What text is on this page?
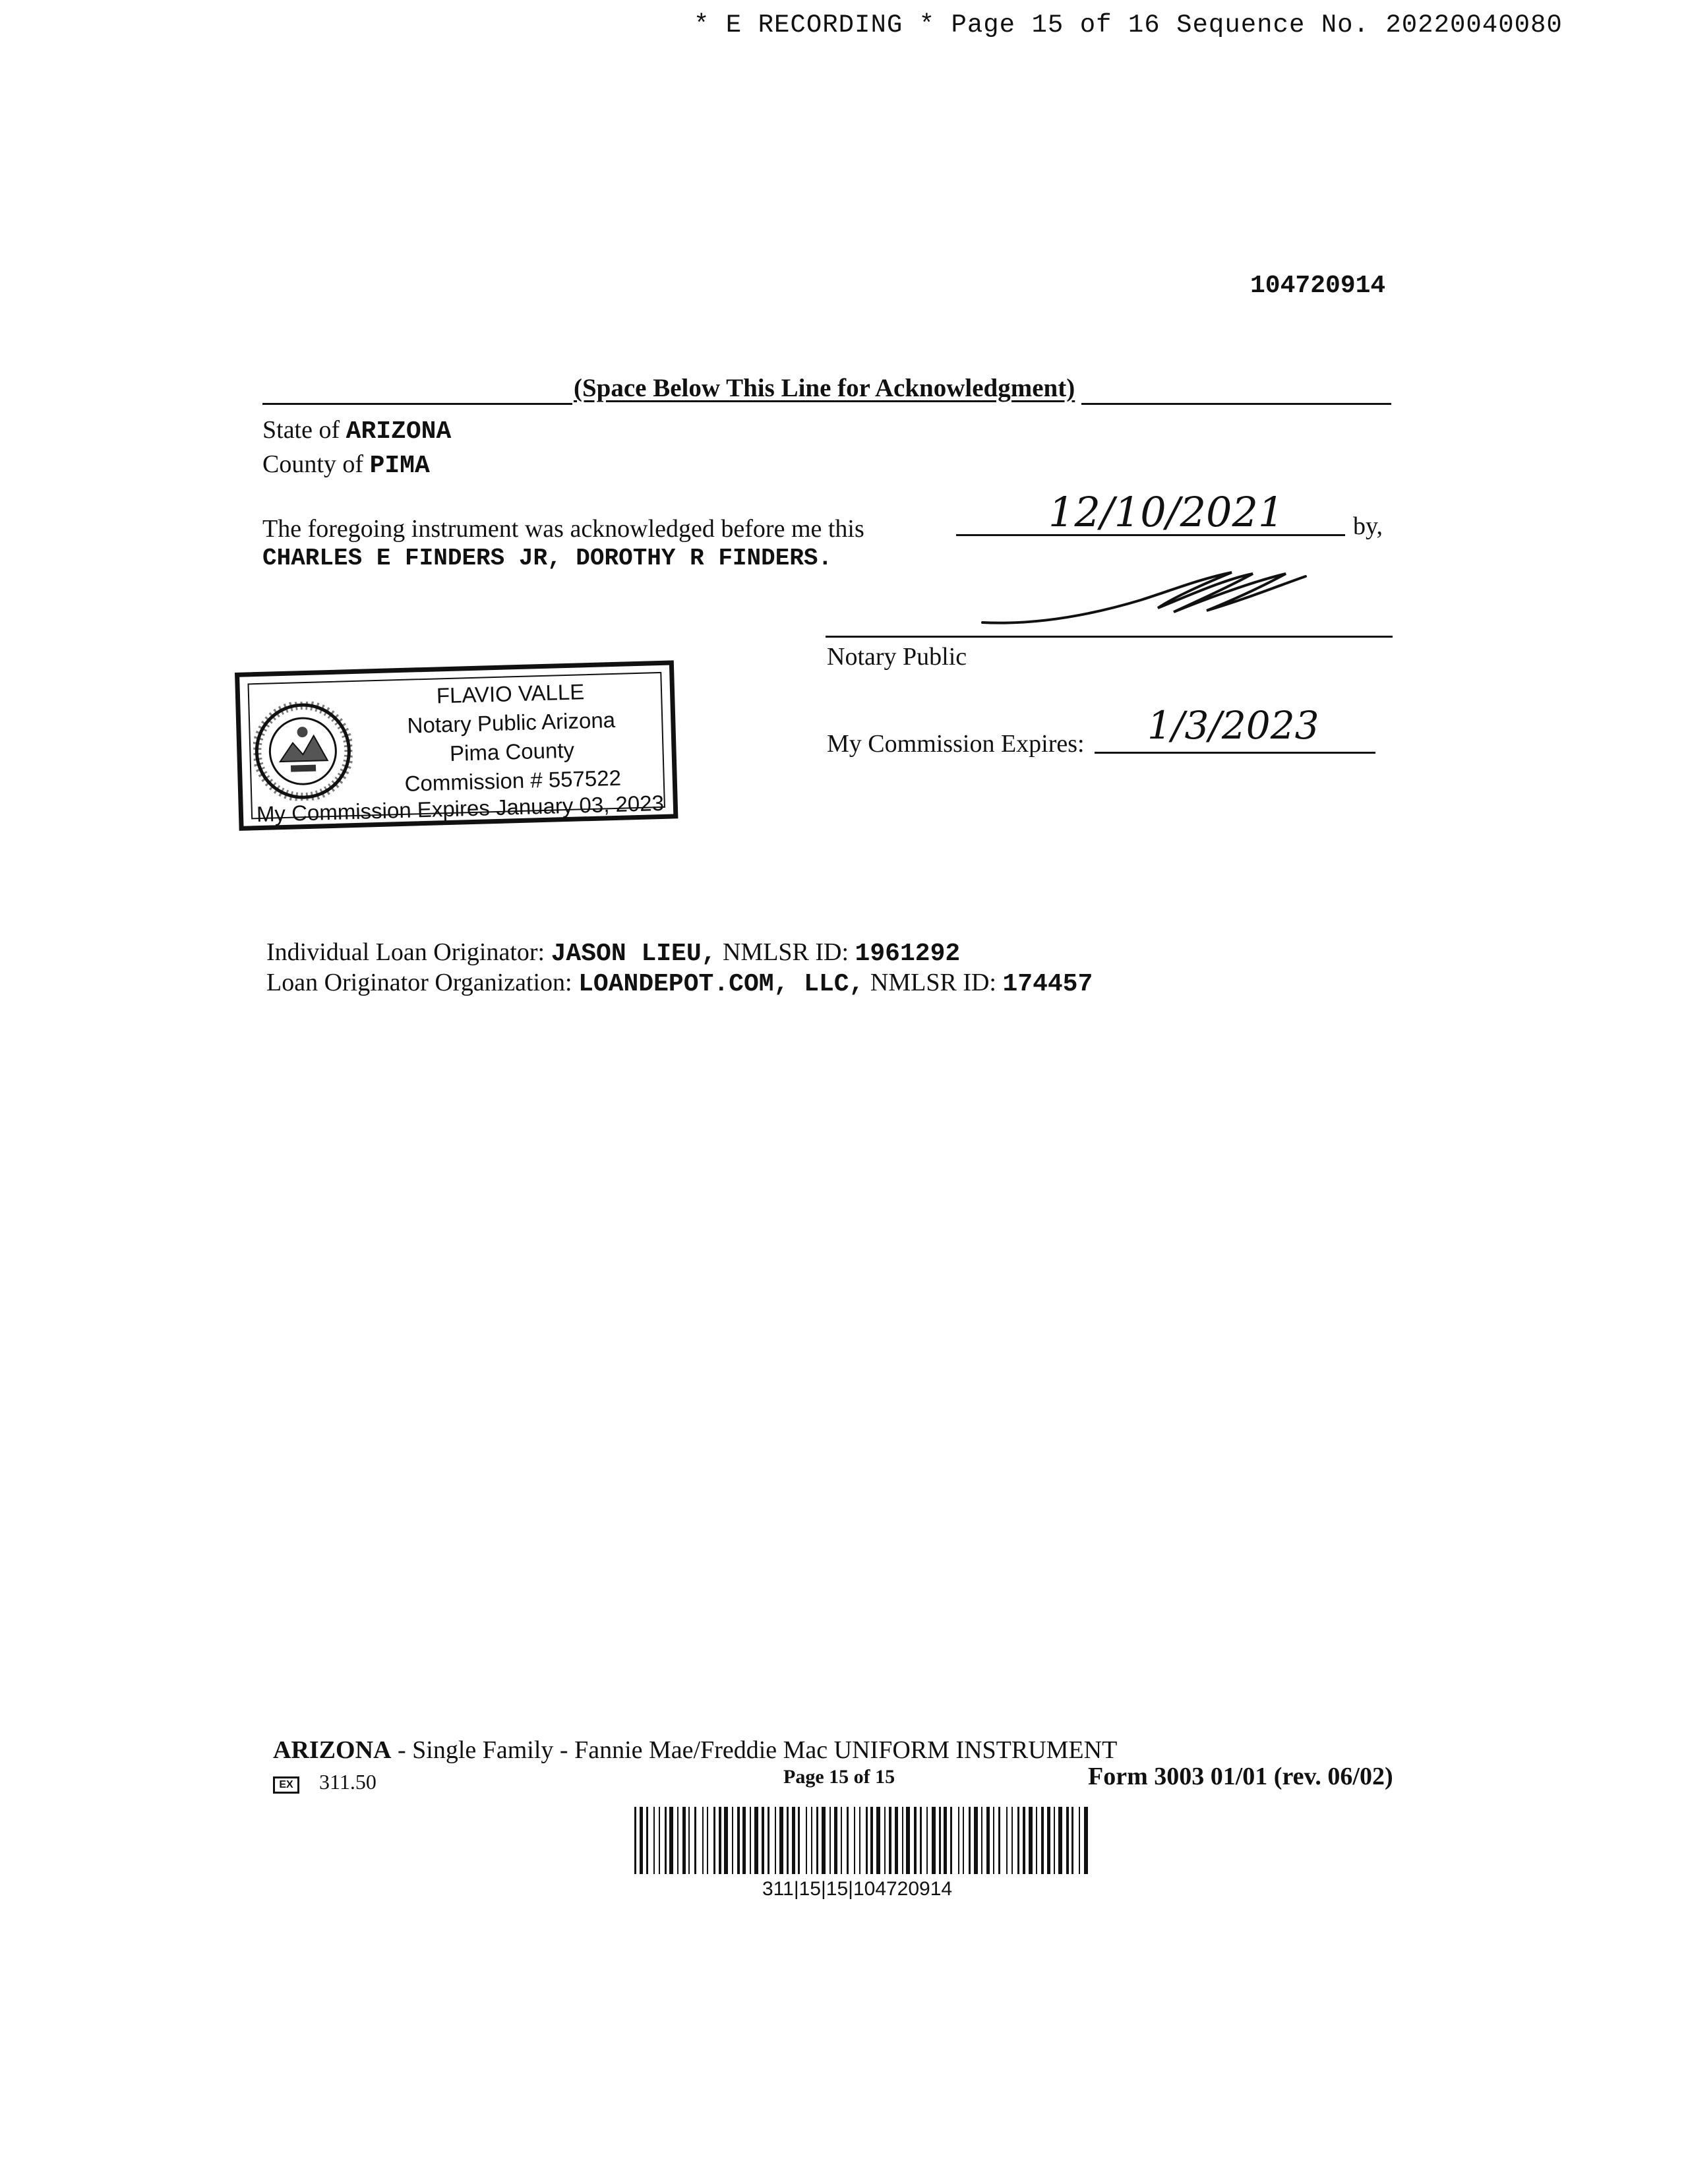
* E RECORDING * Page 15 of 16 Sequence No. 20220040080
104720914
(Space Below This Line for Acknowledgment)
State of ARIZONA
County of PIMA
The foregoing instrument was acknowledged before me this	12/10/2021	by,
CHARLES E FINDERS JR, DOROTHY R FINDERS.
Notary Public
FLAVIO VALLE
Notary Public Arizona
Pima County
Commission # 557522
My Commission Expires January 03, 2023
My Commission Expires: 1/3/2023
Individual Loan Originator: JASON LIEU, NMLSR ID: 1961292
Loan Originator Organization: LOANDEPOT.COM, LLC, NMLSR ID: 174457
ARIZONA - Single Family - Fannie Mae/Freddie Mac UNIFORM INSTRUMENT
EX 311.50	Page 15 of 15	Form 3003 01/01 (rev. 06/02)
311|15|15|104720914
